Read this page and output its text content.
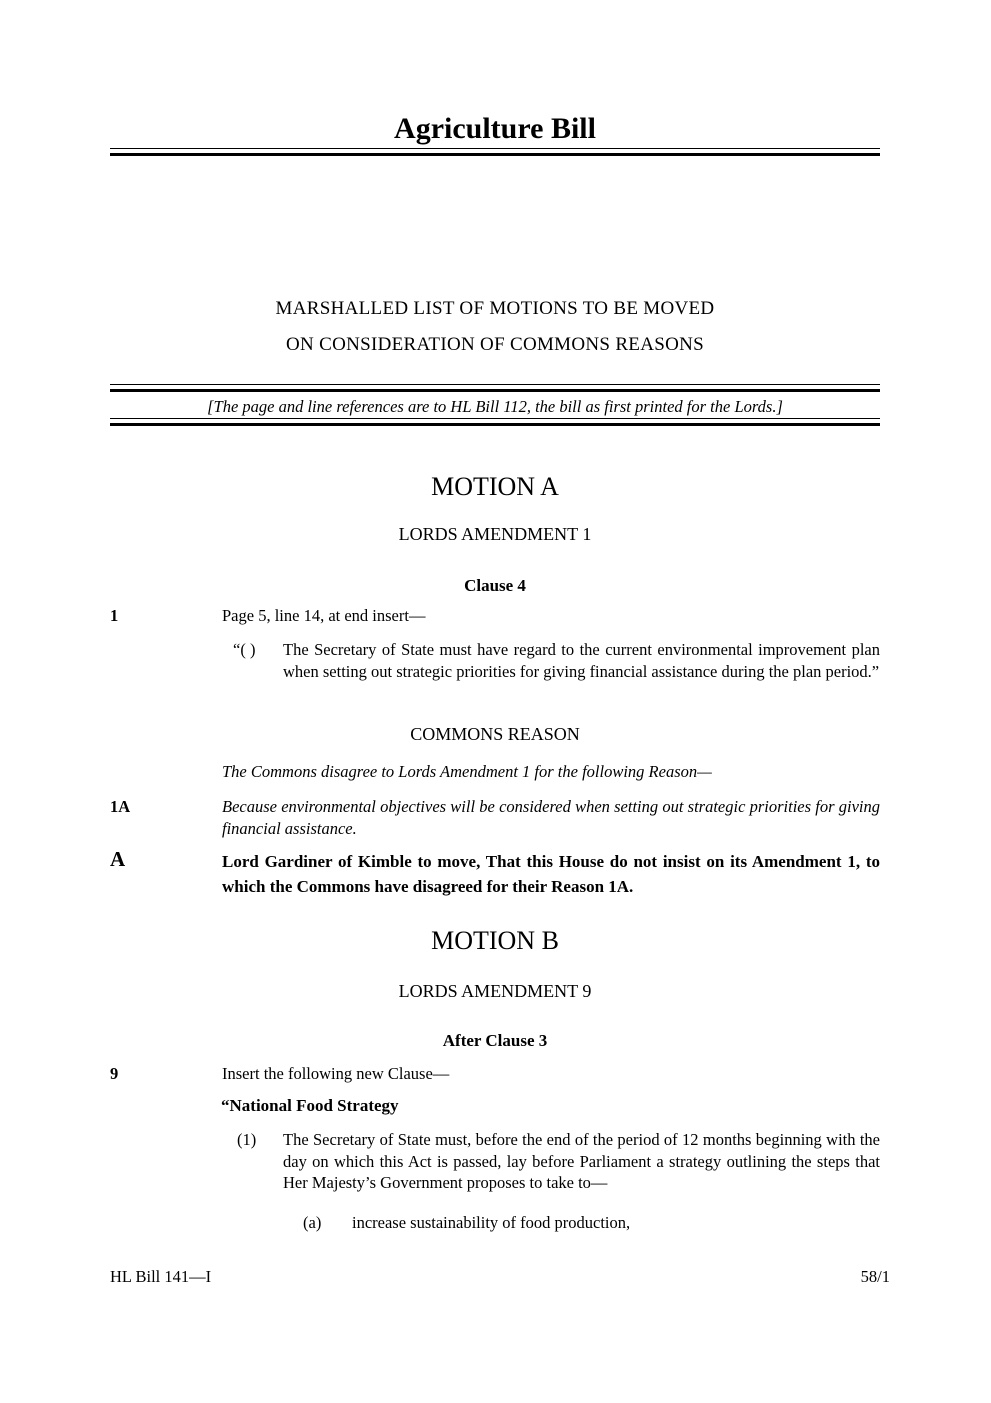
Agriculture Bill
MARSHALLED LIST OF MOTIONS TO BE MOVED
ON CONSIDERATION OF COMMONS REASONS
[The page and line references are to HL Bill 112, the bill as first printed for the Lords.]
MOTION A
LORDS AMENDMENT 1
Clause 4
1	Page 5, line 14, at end insert—
“( ) The Secretary of State must have regard to the current environmental improvement plan when setting out strategic priorities for giving financial assistance during the plan period.”
COMMONS REASON
The Commons disagree to Lords Amendment 1 for the following Reason—
1A	Because environmental objectives will be considered when setting out strategic priorities for giving financial assistance.
A	Lord Gardiner of Kimble to move, That this House do not insist on its Amendment 1, to which the Commons have disagreed for their Reason 1A.
MOTION B
LORDS AMENDMENT 9
After Clause 3
9	Insert the following new Clause—
“National Food Strategy
(1) The Secretary of State must, before the end of the period of 12 months beginning with the day on which this Act is passed, lay before Parliament a strategy outlining the steps that Her Majesty’s Government proposes to take to—
(a) increase sustainability of food production,
HL Bill 141—I	58/1
